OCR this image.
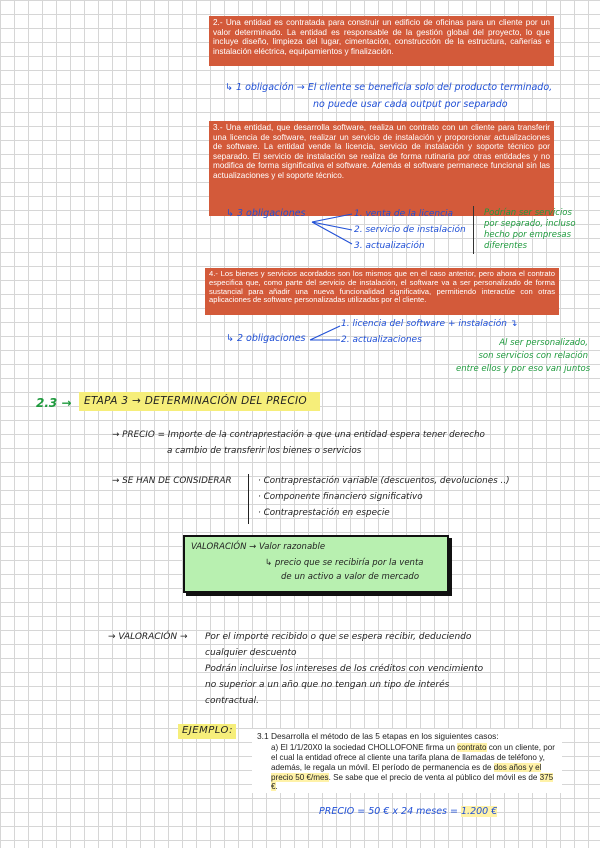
2.- Una entidad es contratada para construir un edificio de oficinas para un cliente por un valor determinado. La entidad es responsable de la gestión global del proyecto, lo que incluye diseño, limpieza del lugar, cimentación, construcción de la estructura, cañerías e instalación eléctrica, equipamientos y finalización.
↳ 1 obligación → El cliente se beneficia solo del producto terminado,
no puede usar cada output por separado
3.- Una entidad, que desarrolla software, realiza un contrato con un cliente para transferir una licencia de software, realizar un servicio de instalación y proporcionar actualizaciones de software. La entidad vende la licencia, servicio de instalación y soporte técnico por separado. El servicio de instalación se realiza de forma rutinaria por otras entidades y no modifica de forma significativa el software. Además el software permanece funcional sin las actualizaciones y el soporte técnico.
↳ 3 obligaciones	1. venta de la licencia
2. servicio de instalación
3. actualización
Podrían ser servicios
por separado, incluso
hecho por empresas
diferentes
4.- Los bienes y servicios acordados son los mismos que en el caso anterior, pero ahora el contrato especifica que, como parte del servicio de instalación, el software va a ser personalizado de forma sustancial para añadir una nueva funcionalidad significativa, permitiendo interactúe con otras aplicaciones de software personalizadas utilizadas por el cliente.
↳ 2 obligaciones
1. licencia del software + instalación ↴
2. actualizaciones	Al ser personalizado,
son servicios con relación
entre ellos y por eso van juntos
2.3 → ETAPA 3 → DETERMINACIÓN DEL PRECIO
→ PRECIO = Importe de la contraprestación a que una entidad espera tener derecho
a cambio de transferir los bienes o servicios
→ SE HAN DE CONSIDERAR	· Contraprestación variable (descuentos, devoluciones ..)
· Componente financiero significativo
· Contraprestación en especie
VALORACIÓN → Valor razonable
↳ precio que se recibiría por la venta
de un activo a valor de mercado
→ VALORACIÓN → Por el importe recibido o que se espera recibir, deduciendo
cualquier descuento
Podrán incluirse los intereses de los créditos con vencimiento
no superior a un año que no tengan un tipo de interés
contractual.
EJEMPLO:	3.1 Desarrolla el método de las 5 etapas en los siguientes casos:
a) El 1/1/20X0 la sociedad CHOLLOFONE firma un contrato con un cliente, por el cual la entidad ofrece al cliente una tarifa plana de llamadas de teléfono y, además, le regala un móvil. El período de permanencia es de dos años y el precio 50 €/mes. Se sabe que el precio de venta al público del móvil es de 375 €.
PRECIO = 50 € x 24 meses = 1.200 €
